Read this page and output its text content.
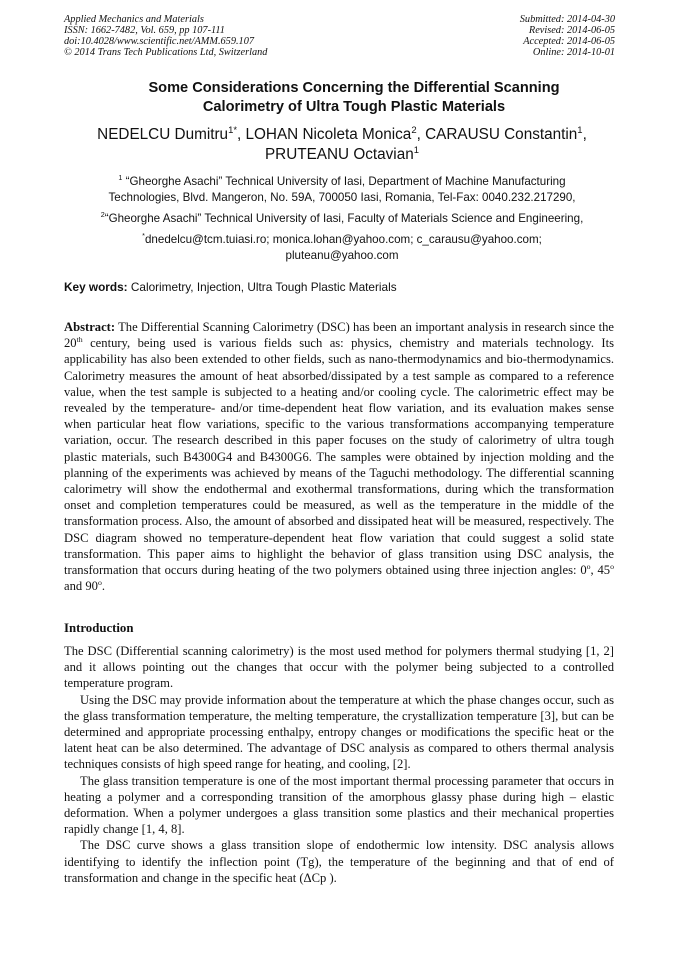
Applied Mechanics and Materials
ISSN: 1662-7482, Vol. 659, pp 107-111
doi:10.4028/www.scientific.net/AMM.659.107
© 2014 Trans Tech Publications Ltd, Switzerland
Submitted: 2014-04-30
Revised: 2014-06-05
Accepted: 2014-06-05
Online: 2014-10-01
Some Considerations Concerning the Differential Scanning
Calorimetry of Ultra Tough Plastic Materials
NEDELCU Dumitru$^{1*}$, LOHAN Nicoleta Monica$^2$, CARAUSU Constantin$^1$,
PRUTEANU Octavian$^1$
$^1$ “Gheorghe Asachi” Technical University of Iasi, Department of Machine Manufacturing
Technologies, Blvd. Mangeron, No. 59A, 700050 Iasi, Romania, Tel-Fax: 0040.232.217290,
$^2$“Gheorghe Asachi” Technical University of Iasi, Faculty of Materials Science and Engineering,
*dnedelcu@tcm.tuiasi.ro; monica.lohan@yahoo.com; c_carausu@yahoo.com;
pluteanu@yahoo.com
Key words: Calorimetry, Injection, Ultra Tough Plastic Materials
Abstract: The Differential Scanning Calorimetry (DSC) has been an important analysis in research since the 20th century, being used is various fields such as: physics, chemistry and materials technology. Its applicability has also been extended to other fields, such as nano-thermodynamics and bio-thermodynamics. Calorimetry measures the amount of heat absorbed/dissipated by a test sample as compared to a reference value, when the test sample is subjected to a heating and/or cooling cycle. The calorimetric effect may be revealed by the temperature- and/or time-dependent heat flow variation, and its evaluation makes sense when particular heat flow variations, specific to the various transformations accompanying temperature variation, occur. The research described in this paper focuses on the study of calorimetry of ultra tough plastic materials, such B4300G4 and B4300G6. The samples were obtained by injection molding and the planning of the experiments was achieved by means of the Taguchi methodology. The differential scanning calorimetry will show the endothermal and exothermal transformations, during which the transformation onset and completion temperatures could be measured, as well as the temperature in the middle of the transformation process. Also, the amount of absorbed and dissipated heat will be measured, respectively. The DSC diagram showed no temperature-dependent heat flow variation that could suggest a solid state transformation. This paper aims to highlight the behavior of glass transition using DSC analysis, the transformation that occurs during heating of the two polymers obtained using three injection angles: 0$^o$, 45$^o$ and 90$^o$.
Introduction

The DSC (Differential scanning calorimetry) is the most used method for polymers thermal studying [1, 2] and it allows pointing out the changes that occur with the polymer being subjected to a controlled temperature program.

Using the DSC may provide information about the temperature at which the phase changes occur, such as the glass transformation temperature, the melting temperature, the crystallization temperature [3], but can be determined and appropriate processing enthalpy, entropy changes or modifications the specific heat or the latent heat can be also determined. The advantage of DSC analysis as compared to others thermal analysis techniques consists of high speed range for heating, and cooling, [2].

The glass transition temperature is one of the most important thermal processing parameter that occurs in heating a polymer and a corresponding transition of the amorphous glassy phase during high – elastic deformation. When a polymer undergoes a glass transition some plastics and their mechanical properties rapidly change [1, 4, 8].

The DSC curve shows a glass transition slope of endothermic low intensity. DSC analysis allows identifying to identify the inflection point (Tg), the temperature of the beginning and that of end of transformation and change in the specific heat (ΔCp ).
